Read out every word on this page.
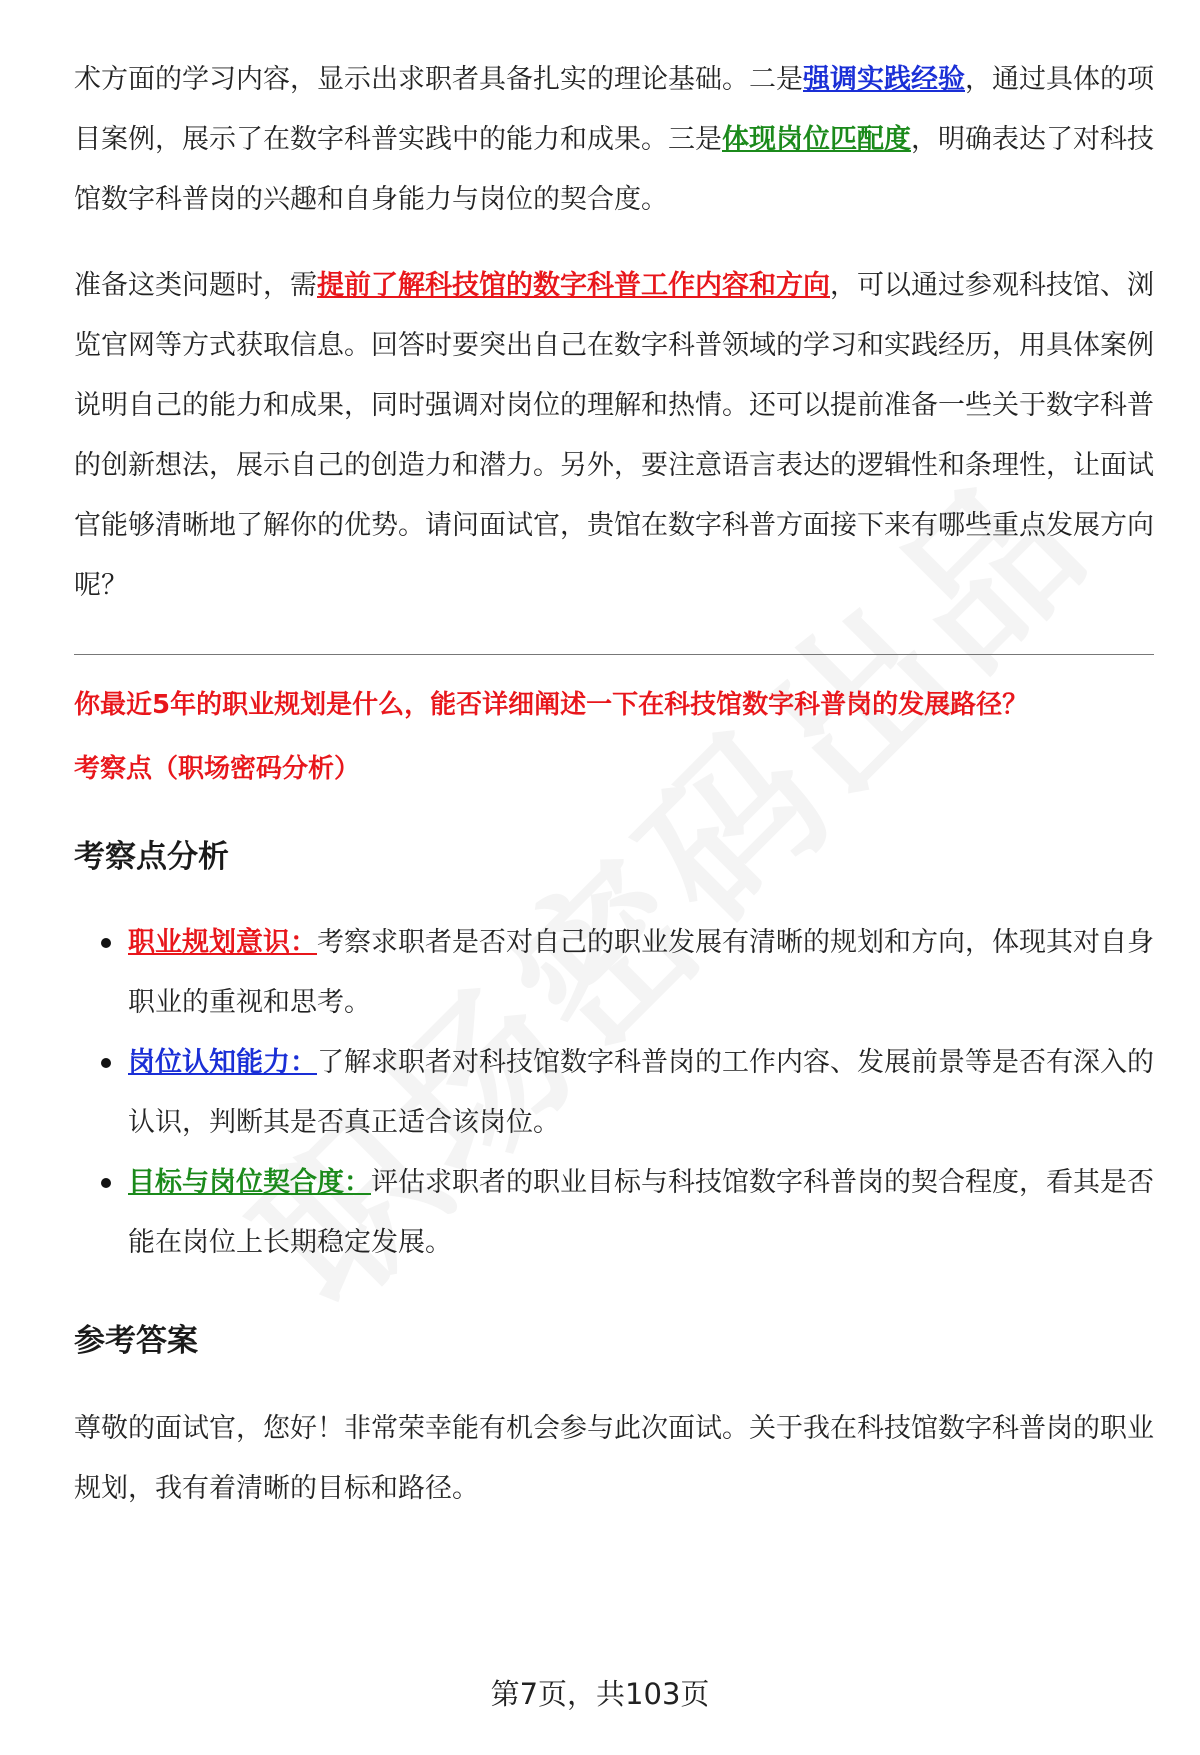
术方面的学习内容，显示出求职者具备扎实的理论基础。二是强调实践经验，通过具体的项目案例，展示了在数字科普实践中的能力和成果。三是体现岗位匹配度，明确表达了对科技馆数字科普岗的兴趣和自身能力与岗位的契合度。

准备这类问题时，需提前了解科技馆的数字科普工作内容和方向，可以通过参观科技馆、浏览官网等方式获取信息。回答时要突出自己在数字科普领域的学习和实践经历，用具体案例说明自己的能力和成果，同时强调对岗位的理解和热情。还可以提前准备一些关于数字科普的创新想法，展示自己的创造力和潜力。另外，要注意语言表达的逻辑性和条理性，让面试官能够清晰地了解你的优势。请问面试官，贵馆在数字科普方面接下来有哪些重点发展方向呢？

你最近5年的职业规划是什么，能否详细阐述一下在科技馆数字科普岗的发展路径？

考察点（职场密码分析）

考察点分析

职业规划意识：考察求职者是否对自己的职业发展有清晰的规划和方向，体现其对自身职业的重视和思考。
岗位认知能力：了解求职者对科技馆数字科普岗的工作内容、发展前景等是否有深入的认识，判断其是否真正适合该岗位。
目标与岗位契合度：评估求职者的职业目标与科技馆数字科普岗的契合程度，看其是否能在岗位上长期稳定发展。

参考答案

尊敬的面试官，您好！非常荣幸能有机会参与此次面试。关于我在科技馆数字科普岗的职业规划，我有着清晰的目标和路径。

第7页，共103页
